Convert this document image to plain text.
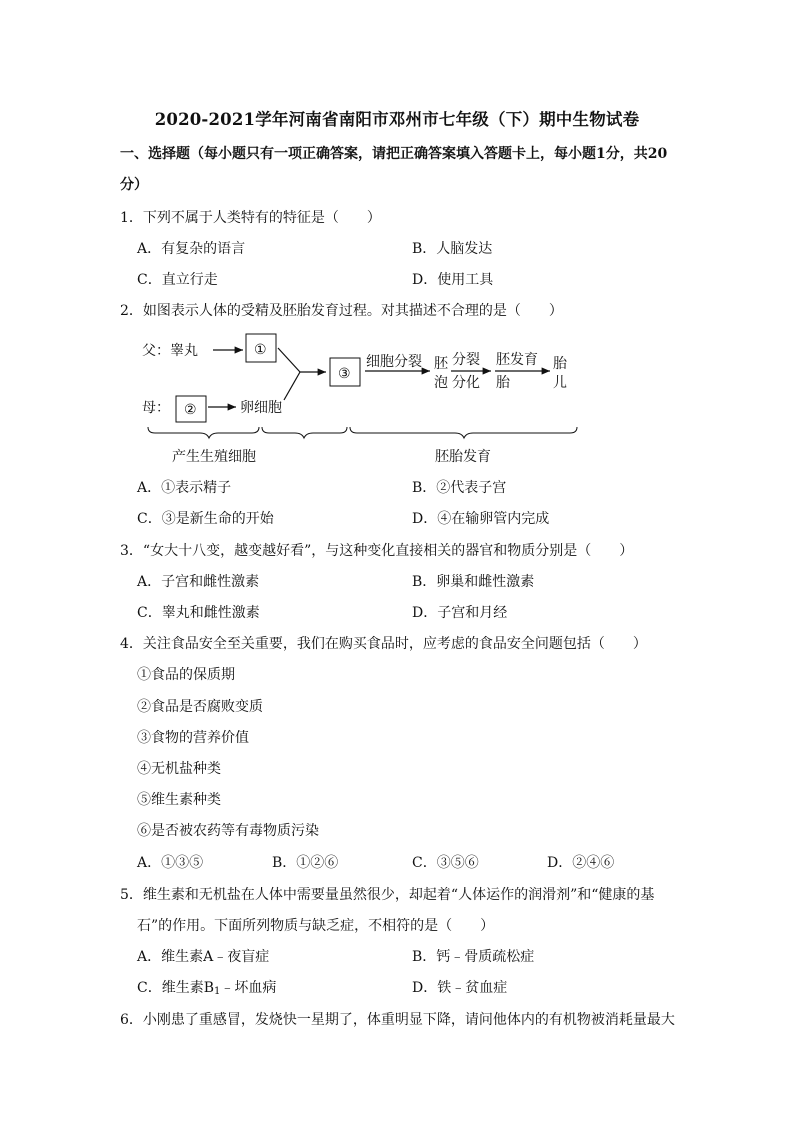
2020-2021学年河南省南阳市邓州市七年级（下）期中生物试卷
一、选择题（每小题只有一项正确答案，请把正确答案填入答题卡上，每小题1分，共20
分）
1．下列不属于人类特有的特征是（　　）
A．有复杂的语言	B．人脑发达
C．直立行走	D．使用工具
2．如图表示人体的受精及胚胎发育过程。对其描述不合理的是（　　）
父：睾丸	①
母： ②	卵细胞
③
细胞分裂 胚
泡
分裂
分化
胚发育
胎
胎
儿
产生生殖细胞	胚胎发育
A．①表示精子	B．②代表子宫
C．③是新生命的开始	D．④在输卵管内完成
3．“女大十八变，越变越好看”，与这种变化直接相关的器官和物质分别是（　　）
A．子宫和雌性激素	B．卵巢和雌性激素
C．睾丸和雌性激素	D．子宫和月经
4．关注食品安全至关重要，我们在购买食品时，应考虑的食品安全问题包括（　　）
①食品的保质期
②食品是否腐败变质
③食物的营养价值
④无机盐种类
⑤维生素种类
⑥是否被农药等有毒物质污染
A．①③⑤	B．①②⑥	C．③⑤⑥	D．②④⑥
5．维生素和无机盐在人体中需要量虽然很少，却起着“人体运作的润滑剂”和“健康的基
石”的作用。下面所列物质与缺乏症，不相符的是（　　）
A．维生素A﹣夜盲症	B．钙﹣骨质疏松症
C．维生素$B_1﹣$坏血病	D．铁﹣贫血症
6．小刚患了重感冒，发烧快一星期了，体重明显下降，请问他体内的有机物被消耗量最大
